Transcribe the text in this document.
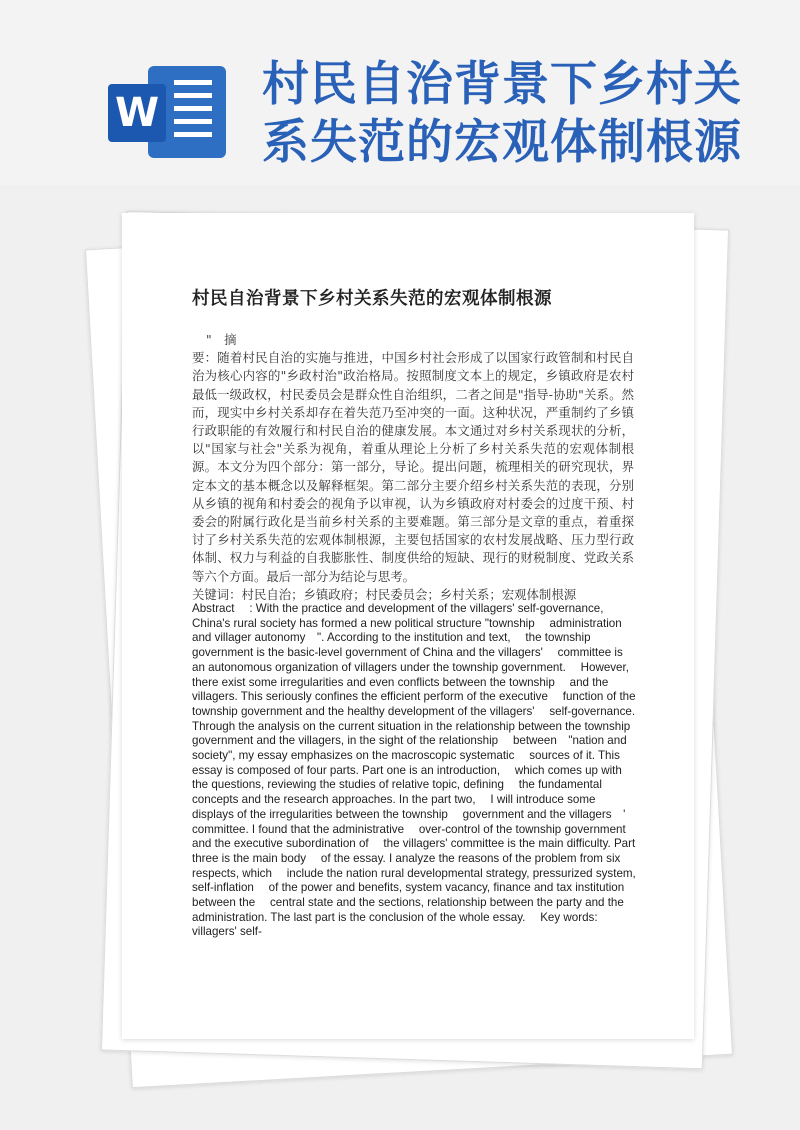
W
村民自治背景下乡村关系失范的宏观体制根源
村民自治背景下乡村关系失范的宏观体制根源

"　摘

要：随着村民自治的实施与推进，中国乡村社会形成了以国家行政管制和村民自治为核心内容的"乡政村治"政治格局。按照制度文本上的规定，乡镇政府是农村最低一级政权，村民委员会是群众性自治组织，二者之间是"指导-协助"关系。然而，现实中乡村关系却存在着失范乃至冲突的一面。这种状况，严重制约了乡镇行政职能的有效履行和村民自治的健康发展。本文通过对乡村关系现状的分析，以"国家与社会"关系为视角，着重从理论上分析了乡村关系失范的宏观体制根源。本文分为四个部分：第一部分，导论。提出问题，梳理相关的研究现状，界定本文的基本概念以及解释框架。第二部分主要介绍乡村关系失范的表现，分别从乡镇的视角和村委会的视角予以审视，认为乡镇政府对村委会的过度干预、村委会的附属行政化是当前乡村关系的主要难题。第三部分是文章的重点，着重探讨了乡村关系失范的宏观体制根源，主要包括国家的农村发展战略、压力型行政体制、权力与利益的自我膨胀性、制度供给的短缺、现行的财税制度、党政关系等六个方面。最后一部分为结论与思考。

关键词：村民自治；乡镇政府；村民委员会；乡村关系；宏观体制根源

Abstract　 : With the practice and development of the villagers' self-governance,　 China's rural society has formed a new political structure "township　 administration and villager autonomy　". According to the institution and text,　 the township government is the basic-level government of China and the villagers'　 committee is an autonomous organization of villagers under the township government.　 However, there exist some irregularities and even conflicts between the township　 and the villagers. This seriously confines the efficient perform of the executive　 function of the township government and the healthy development of the villagers'　 self-governance. Through the analysis on the current situation in the relationship between the township government and the villagers, in the sight of the relationship　 between　"nation and society", my essay emphasizes on the macroscopic systematic　 sources of it. This essay is composed of four parts. Part one is an introduction,　 which comes up with the questions, reviewing the studies of relative topic, defining　 the fundamental concepts and the research approaches. In the part two,　 I will introduce some displays of the irregularities between the township　 government and the villagers　'　committee. I found that the administrative　 over-control of the township government and the executive subordination of　 the villagers' committee is the main difficulty. Part three is the main body　 of the essay. I analyze the reasons of the problem from six respects, which　 include the nation rural developmental strategy, pressurized system, self-inflation　 of the power and benefits, system vacancy, finance and tax institution between the　 central state and the sections, relationship between the party and the administration. The last part is the conclusion of the whole essay.　 Key words: villagers' self-
